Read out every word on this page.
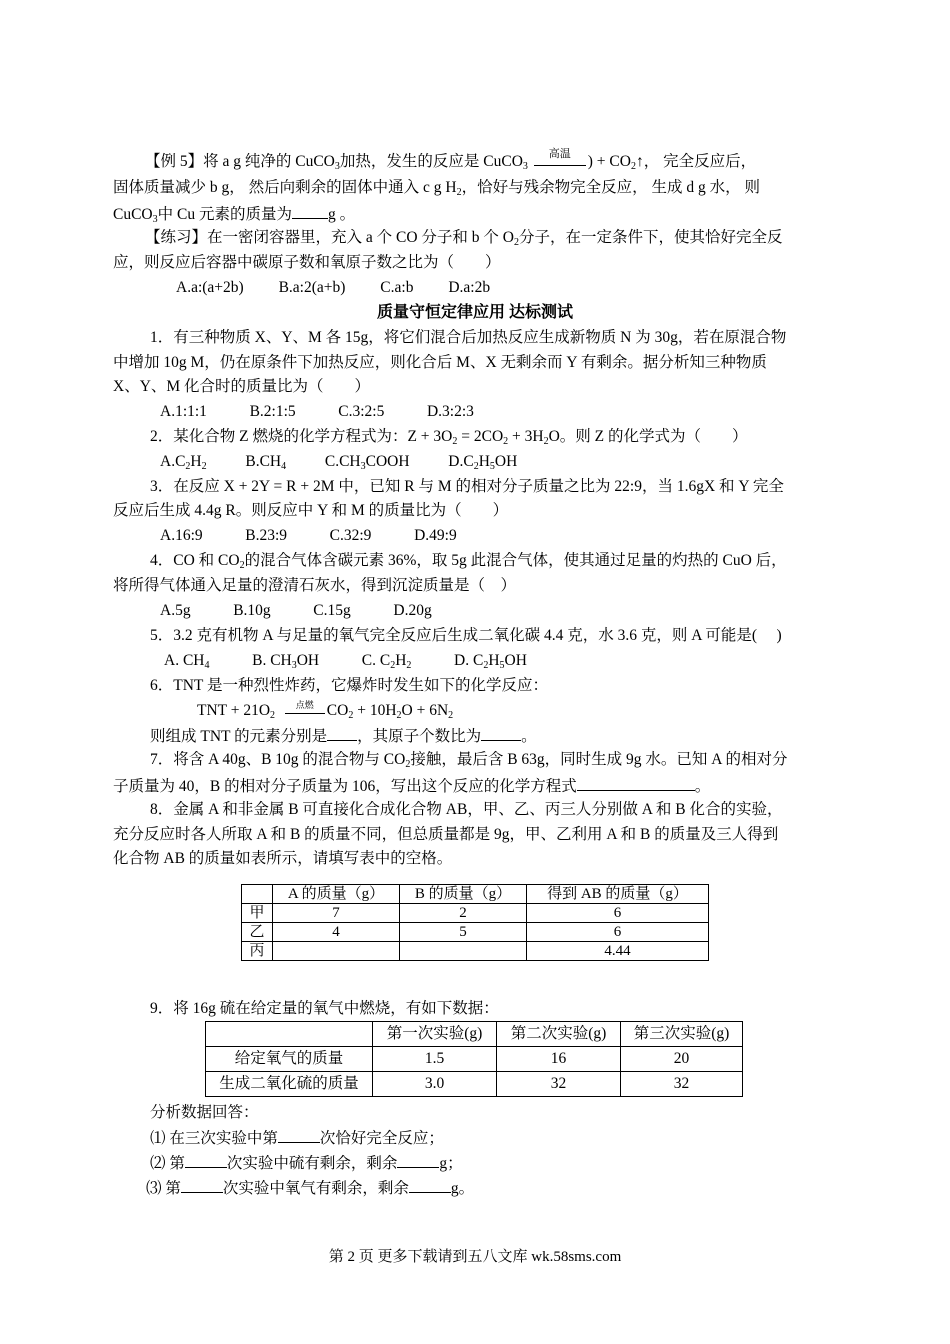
【例 5】将 a g 纯净的 CuCO$_3$加热，发生的反应是 CuCO$_3$
高温	) + $CO_2↑$， 完全反应后，
固体质量减少 b g， 然后向剩余的固体中通入 c g $H_2$，恰好与残余物完全反应， 生成 d g 水， 则
CuCO$_3$中 Cu 元素的质量为 g 。
【练习】在一密闭容器里，充入 a 个 CO 分子和 b 个 $O_2$分子，在一定条件下，使其恰好完全反
应，则反应后容器中碳原子数和氧原子数之比为（　　）
A.a:(a+2b) B.a:2(a+b) C.a:b D.a:2b
质量守恒定律应用 达标测试
1．有三种物质 X、Y、M 各 15g，将它们混合后加热反应生成新物质 N 为 30g，若在原混合物
中增加 10g M，仍在原条件下加热反应，则化合后 M、X 无剩余而 Y 有剩余。据分析知三种物质
X、Y、M 化合时的质量比为（　　）
A.1:1:1	B.2:1:5	C.3:2:5	D.3:2:3
2．某化合物 Z 燃烧的化学方程式为：$Z + 3O_2 = 2CO_2 + 3H_2O$。则 Z 的化学式为（　　）
$A.C_2H_2$	$B.CH_4$	$C.CH_3COOH$	$D.C_2H_5OH$
3．在反应 X + 2Y = R + 2M 中，已知 R 与 M 的相对分子质量之比为 22:9，当 1.6gX 和 Y 完全
反应后生成 4.4g R。则反应中 Y 和 M 的质量比为（　　）
A.16:9	B.23:9	C.32:9	D.49:9
4．CO 和 $CO_2$的混合气体含碳元素 36%，取 5g 此混合气体，使其通过足量的灼热的 CuO 后，
将所得气体通入足量的澄清石灰水，得到沉淀质量是（　）
A.5g	B.10g	C.15g	D.20g
5．3.2 克有机物 A 与足量的氧气完全反应后生成二氧化碳 4.4 克，水 3.6 克，则 A 可能是(　 )
A. $CH_4$	B. $CH_3OH$	C. $C_2H_2$	D. $C_2H_5OH$
6．TNT 是一种烈性炸药，它爆炸时发生如下的化学反应：
TNT + $21O_2$
点燃 $CO_2 + 10H_2O + 6N_2$
则组成 TNT 的元素分别是 ，其原子个数比为	。
7．将含 A 40g、B 10g 的混合物与 $CO_2$接触，最后含 B 63g，同时生成 9g 水。已知 A 的相对分
子质量为 40，B 的相对分子质量为 106，写出这个反应的化学方程式	。
8．金属 A 和非金属 B 可直接化合成化合物 AB，甲、乙、丙三人分别做 A 和 B 化合的实验，
充分反应时各人所取 A 和 B 的质量不同，但总质量都是 9g，甲、乙利用 A 和 B 的质量及三人得到
化合物 AB 的质量如表所示，请填写表中的空格。
	A 的质量（g）	B 的质量（g）	得到 AB 的质量（g）
甲	7	2	6
乙	4	5	6
丙			4.44
9．将 16g 硫在给定量的氧气中燃烧，有如下数据：
	第一次实验(g)	第二次实验(g)	第三次实验(g)
给定氧气的质量	1.5	16	20
生成二氧化硫的质量	3.0	32	32
分析数据回答：
⑴ 在三次实验中第	次恰好完全反应；
⑵ 第	次实验中硫有剩余，剩余	g；
⑶ 第	次实验中氧气有剩余，剩余	g。
第 2 页 更多下载请到五八文库 wk.58sms.com
